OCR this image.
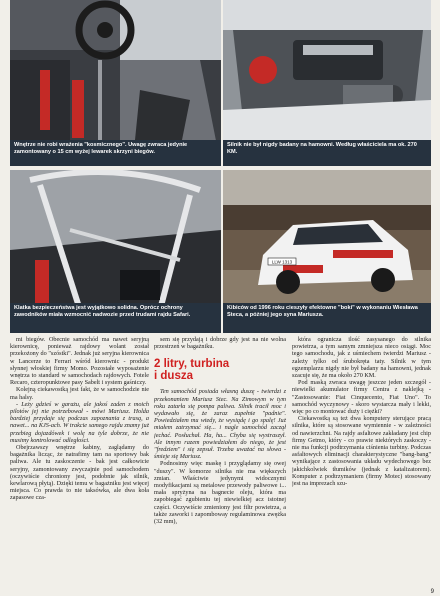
Wnętrze nie robi wrażenia "kosmicznego". Uwagę zwraca jedynie zamontowany o 15 cm wyżej lewarek skrzyni biegów.

Silnik nie był nigdy badany na hamowni. Według właściciela ma ok. 270 KM.

Klatka bezpieczeństwa jest wyjątkowo solidna. Oprócz ochrony zawodników miała wzmocnić nadwozie przed trudami rajdu Safari.

LLW 1313

Kibiców od 1996 roku cieszyły efektowne "boki" w wykonaniu Wiesława Steca, a później jego syna Mariusza.

mi biegów. Obecnie samochód ma nawet seryjną kierownicę, ponieważ rajdowy wolant został przekożony do "szóstki". Jednak już seryjna kierownica w Lancerze to Ferrari wśród kierownic - produkt słynnej włoskiej firmy Momo. Pozostałe wyposażenie wnętrza to standard w samochodach rajdowych. Fotele Recaro, czteropunktowe pasy Sabelt i system gaśniczy.

Kolejną ciekawostką jest fakt, że w samochodzie nie ma halsy.

- Leży gdzieś w garażu, ale jakoś zaden z moich pilotów jej nie potrzebował - mówi Mariusz. Holda bardziej przydaje się podczas zapoznania z trasą, a nawet... na KJS-ach. W trakcie samego rajdu znamy już przebieg dojazdówek i wolę na tyle dobrze, że nie musimy kontrolować odległości.

Obejrzawszy wnętrze kabiny, zaglądamy do bagażnika licząc, że natrafimy tam na sportowy bak paliwa. Ale tu zaskoczenie - bak jest całkowicie seryjny, zamontowany zwyczajnie pod samochodem (oczywiście chroniony jest, podobnie jak silnik, kewlarową płytą). Dzięki temu w bagażniku jest więcej miejsca. Co prawda to nie taksówka, ale dwa koła zapasowe cza-

sem się przydają i dobrze gdy jest na nie wolna przestrzeń w bagażniku.

2 litry, turbina
i dusza

Ten samochód posiada własną duszę - twierdzi z przekonaniem Mariusz Stec. Na Zimowym w tym roku zatarła się pompa paliwa. Silnik tracił moc i wydawało się, że zaraz zupełnie "padnie". Powiedziałem mu wtedy, że wysiądę i go spalę! Już miałem zatrzymać się... i nagle samochód zaczął jechać. Posłuchał. Ha, ha... Chyba się wystraszył. Ale innym razem powiedziałem do niego, że jest "fredziem" i się zepsuł. Trzeba uważać na słowa - śmieje się Mariusz.

Podnosimy więc maskę i przyglądamy się owej "duszy". W komorze silnika nie ma większych zmian. Właściwie jedynymi widocznymi modyfikacjami są metalowe przewody paliwowe i... mała spryżyna na bagnecie oleju, która ma zapobiegać zgubieniu tej niewielkiej acz istotnej części. Oczywiście zmieniony jest filtr powietrza, a także zaworki i zapomboway regulaminowa zwężka (32 mm),

która ogranicza ilość zasysanego do silnika powietrza, a tym samym zmniejsza nieco osiągi. Moc tego samochodu, jak z uśmiechem twierdzi Mariusz - zależy tylko od śrubokręta taty. Silnik w tym egzemplarzu nigdy nie był badany na hamowni, jednak szacuje się, że ma około 270 KM.

Pod maską zwraca uwagę jeszcze jeden szczegół - niewielki akumulator firmy Centra z naklejką - "Zastosowanie: Fiat Cinquecento, Fiat Uno". To samochód wyczynowy - skoro wystarcza mały i lekki, więc po co montować duży i ciężki?

Ciekawostką są też dwa komputery sterujące pracą silnika, które są stosowane wymiennie - w zależności od nawierzchni. Na rajdy asfaltowe zakładany jest chip firmy Getmo, który - co prawie niektórych zaskoczy - nie ma funkcji podtrzymania ciśnienia turbiny. Podczas asfaltowych eliminacji charakterystyczne "bang-bang" wynikające z zastosowania układu wydechowego bez jakichkolwiek tłumików (jednak z katalizatorem). Komputer z podtrzymaniem (firmy Motec) stosowany jest na imprezach szu-

9
